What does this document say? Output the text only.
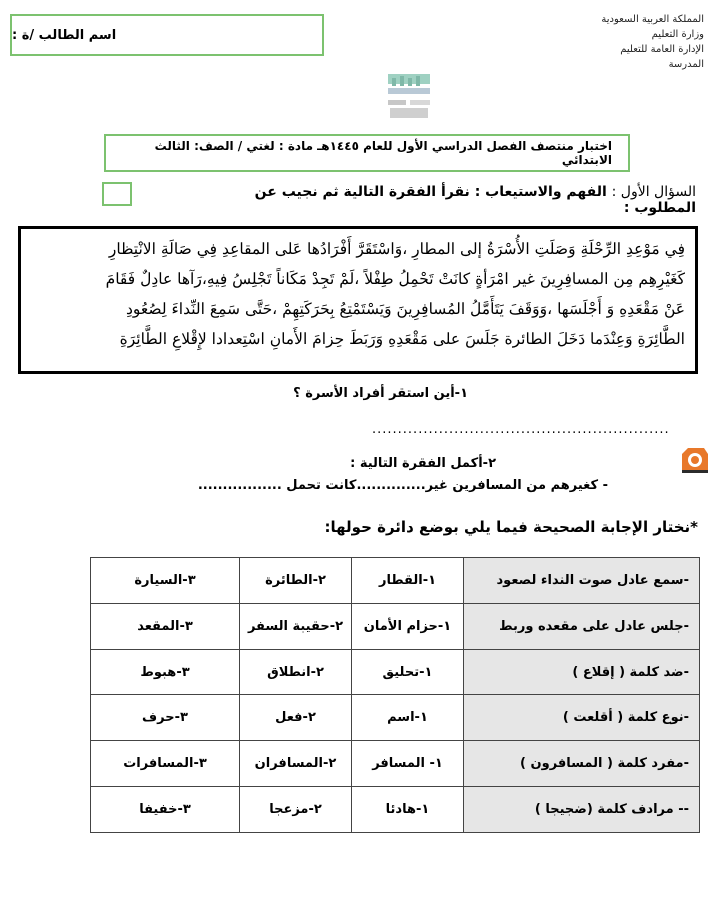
المملكة العربية السعودية
وزارة التعليم
الإدارة العامة للتعليم
المدرسة
اسم الطالب /ة :
اختبار منتصف الفصل الدراسي الأول للعام ١٤٤٥هـ مادة : لغتي / الصف: الثالث الابتدائي
السؤال الأول : الفهم والاستيعاب : نقرأ الفقرة التالية ثم نجيب عن المطلوب :
فِي مَوْعِدِ الرِّحْلَةِ وَصَلَتِ الأُسْرَةُ إلى المطارِ ،وَاسْتَقَرَّ أَفْرَادُها عَلى المقاعِدِ فِي صَالَةِ الانْتِظارِ
كَغَيْرِهِم مِن المسافِرِينَ غير امْرَأةٍ كانَتْ تَحْمِلُ طِفْلاً ،لَمْ تَجِدْ مَكَاناً تَجْلِسُ فِيهِ،رَآها عادِلٌ فَقَامَ
عَنْ مَقْعَدِهِ وَ أَجْلَسَها ،وَوَقَفَ يَتَأَمَّلُ المُسافِرِينَ وَيَسْتَمْتِعُ بِحَرَكَتِهِمْ ،حَتَّى سَمِعَ النِّداءَ لِصُعُودِ
الطَّائِرَةِ وَعِنْدَما دَخَلَ الطائرة جَلَسَ على مَقْعَدِهِ وَرَبَطَ حِزامَ الأَمانِ اسْتِعدادا لإِقْلاعِ الطَّائِرَةِ
١-أين استقر أفراد الأسرة ؟
..........................................................
٢-أكمل الفقرة التالية :
- كغيرهم من المسافرين غير..............كانت تحمل .................
*نختار الإجابة الصحيحة فيما يلي بوضع دائرة حولها:
-سمع عادل صوت النداء لصعود	١-القطار	٢-الطائرة	٣-السيارة
-جلس عادل على مقعده وربط	١-حزام الأمان	٢-حقيبة السفر	٣-المقعد
-ضد كلمة ( إقلاع )	١-تحليق	٢-انطلاق	٣-هبوط
-نوع كلمة ( أقلعت )	١-اسم	٢-فعل	٣-حرف
-مفرد كلمة ( المسافرون )	١- المسافر	٢-المسافران	٣-المسافرات
-- مرادف كلمة (ضجيجا )	١-هادئا	٢-مزعجا	٣-خفيفا
